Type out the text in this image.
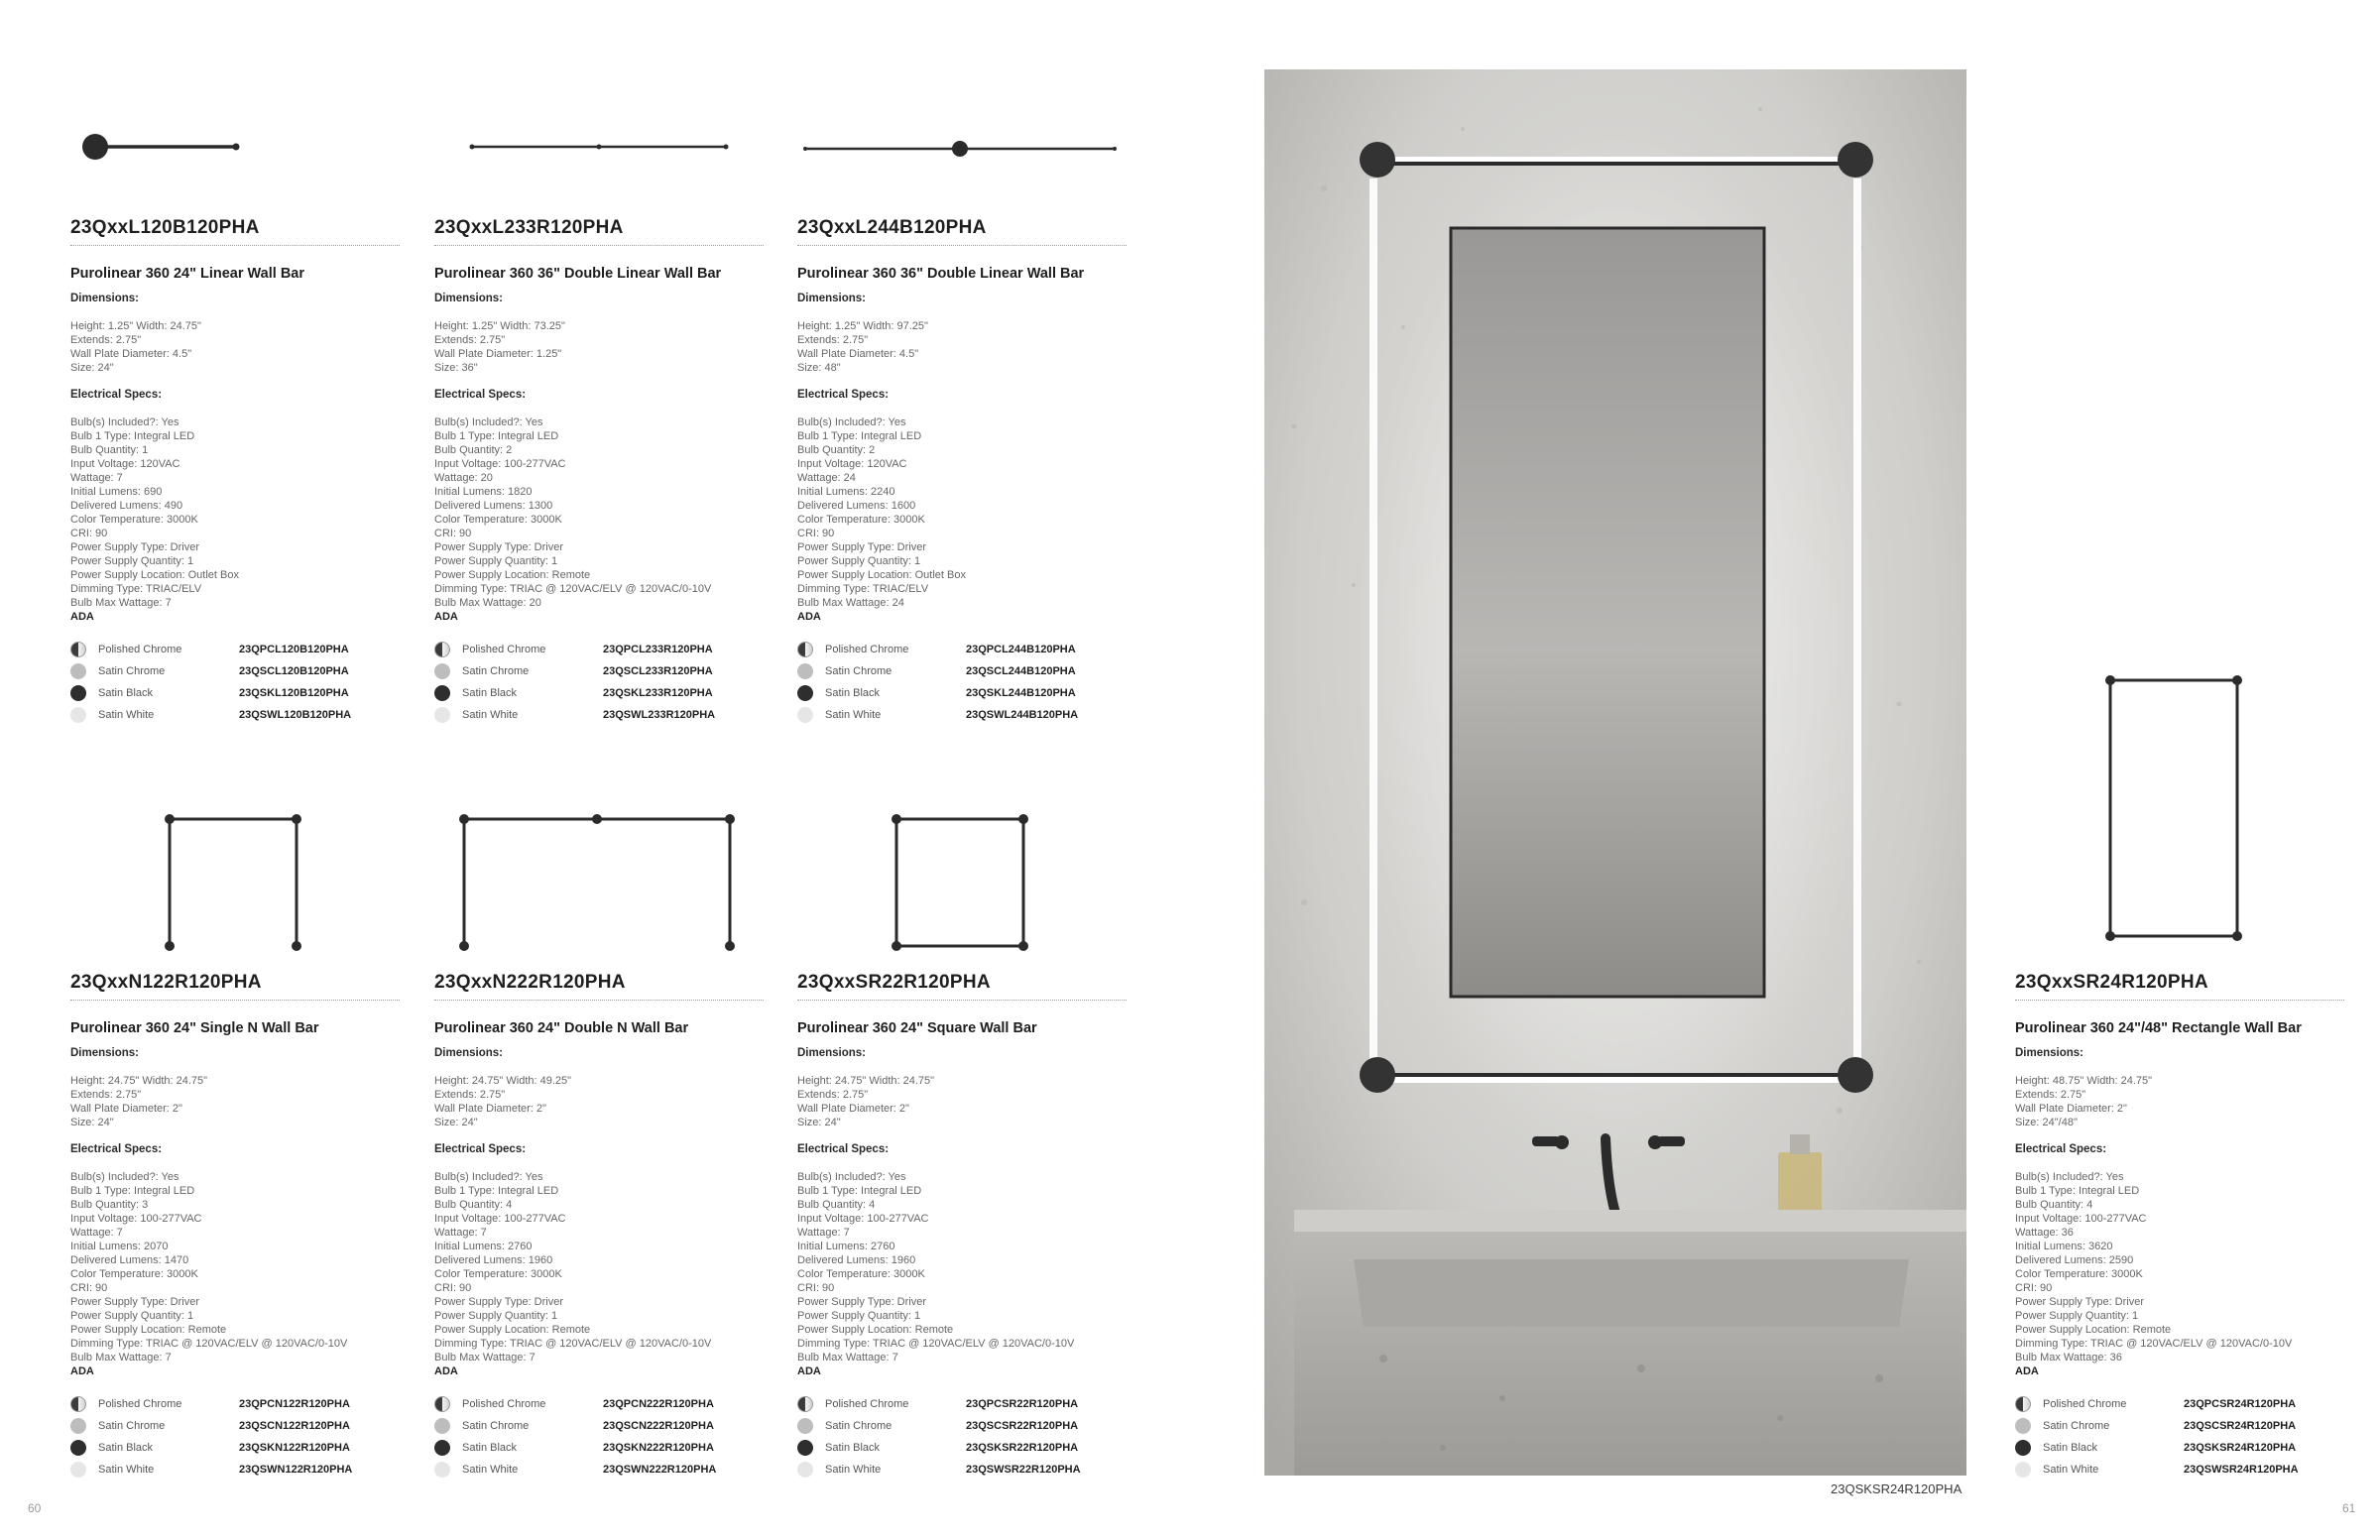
23QxxL120B120PHA
Purolinear 360 24" Linear Wall Bar
Dimensions:
Height: 1.25" Width: 24.75"
Extends: 2.75"
Wall Plate Diameter: 4.5"
Size: 24"
Electrical Specs:
Bulb(s) Included?: Yes
Bulb 1 Type: Integral LED
Bulb Quantity: 1
Input Voltage: 120VAC
Wattage: 7
Initial Lumens: 690
Delivered Lumens: 490
Color Temperature: 3000K
CRI: 90
Power Supply Type: Driver
Power Supply Quantity: 1
Power Supply Location: Outlet Box
Dimming Type: TRIAC/ELV
Bulb Max Wattage: 7
ADA
Polished Chrome	23QPCL120B120PHA
Satin Chrome	23QSCL120B120PHA
Satin Black	23QSKL120B120PHA
Satin White	23QSWL120B120PHA
23QxxL233R120PHA
Purolinear 360 36" Double Linear Wall Bar
Dimensions:
Height: 1.25" Width: 73.25"
Extends: 2.75"
Wall Plate Diameter: 1.25"
Size: 36"
Electrical Specs:
Bulb(s) Included?: Yes
Bulb 1 Type: Integral LED
Bulb Quantity: 2
Input Voltage: 100-277VAC
Wattage: 20
Initial Lumens: 1820
Delivered Lumens: 1300
Color Temperature: 3000K
CRI: 90
Power Supply Type: Driver
Power Supply Quantity: 1
Power Supply Location: Remote
Dimming Type: TRIAC @ 120VAC/ELV @ 120VAC/0-10V
Bulb Max Wattage: 20
ADA
Polished Chrome	23QPCL233R120PHA
Satin Chrome	23QSCL233R120PHA
Satin Black	23QSKL233R120PHA
Satin White	23QSWL233R120PHA
23QxxL244B120PHA
Purolinear 360 36" Double Linear Wall Bar
Dimensions:
Height: 1.25" Width: 97.25"
Extends: 2.75"
Wall Plate Diameter: 4.5"
Size: 48"
Electrical Specs:
Bulb(s) Included?: Yes
Bulb 1 Type: Integral LED
Bulb Quantity: 2
Input Voltage: 120VAC
Wattage: 24
Initial Lumens: 2240
Delivered Lumens: 1600
Color Temperature: 3000K
CRI: 90
Power Supply Type: Driver
Power Supply Quantity: 1
Power Supply Location: Outlet Box
Dimming Type: TRIAC/ELV
Bulb Max Wattage: 24
ADA
Polished Chrome	23QPCL244B120PHA
Satin Chrome	23QSCL244B120PHA
Satin Black	23QSKL244B120PHA
Satin White	23QSWL244B120PHA
23QxxN122R120PHA
Purolinear 360 24" Single N Wall Bar
Dimensions:
Height: 24.75" Width: 24.75"
Extends: 2.75"
Wall Plate Diameter: 2"
Size: 24"
Electrical Specs:
Bulb(s) Included?: Yes
Bulb 1 Type: Integral LED
Bulb Quantity: 3
Input Voltage: 100-277VAC
Wattage: 7
Initial Lumens: 2070
Delivered Lumens: 1470
Color Temperature: 3000K
CRI: 90
Power Supply Type: Driver
Power Supply Quantity: 1
Power Supply Location: Remote
Dimming Type: TRIAC @ 120VAC/ELV @ 120VAC/0-10V
Bulb Max Wattage: 7
ADA
Polished Chrome	23QPCN122R120PHA
Satin Chrome	23QSCN122R120PHA
Satin Black	23QSKN122R120PHA
Satin White	23QSWN122R120PHA
23QxxN222R120PHA
Purolinear 360 24" Double N Wall Bar
Dimensions:
Height: 24.75" Width: 49.25"
Extends: 2.75"
Wall Plate Diameter: 2"
Size: 24"
Electrical Specs:
Bulb(s) Included?: Yes
Bulb 1 Type: Integral LED
Bulb Quantity: 4
Input Voltage: 100-277VAC
Wattage: 7
Initial Lumens: 2760
Delivered Lumens: 1960
Color Temperature: 3000K
CRI: 90
Power Supply Type: Driver
Power Supply Quantity: 1
Power Supply Location: Remote
Dimming Type: TRIAC @ 120VAC/ELV @ 120VAC/0-10V
Bulb Max Wattage: 7
ADA
Polished Chrome	23QPCN222R120PHA
Satin Chrome	23QSCN222R120PHA
Satin Black	23QSKN222R120PHA
Satin White	23QSWN222R120PHA
23QxxSR22R120PHA
Purolinear 360 24" Square Wall Bar
Dimensions:
Height: 24.75" Width: 24.75"
Extends: 2.75"
Wall Plate Diameter: 2"
Size: 24"
Electrical Specs:
Bulb(s) Included?: Yes
Bulb 1 Type: Integral LED
Bulb Quantity: 4
Input Voltage: 100-277VAC
Wattage: 7
Initial Lumens: 2760
Delivered Lumens: 1960
Color Temperature: 3000K
CRI: 90
Power Supply Type: Driver
Power Supply Quantity: 1
Power Supply Location: Remote
Dimming Type: TRIAC @ 120VAC/ELV @ 120VAC/0-10V
Bulb Max Wattage: 7
ADA
Polished Chrome	23QPCSR22R120PHA
Satin Chrome	23QSCSR22R120PHA
Satin Black	23QSKSR22R120PHA
Satin White	23QSWSR22R120PHA
23QSKSR24R120PHA
23QxxSR24R120PHA
Purolinear 360 24"/48" Rectangle Wall Bar
Dimensions:
Height: 48.75" Width: 24.75"
Extends: 2.75"
Wall Plate Diameter: 2"
Size: 24"/48"
Electrical Specs:
Bulb(s) Included?: Yes
Bulb 1 Type: Integral LED
Bulb Quantity: 4
Input Voltage: 100-277VAC
Wattage: 36
Initial Lumens: 3620
Delivered Lumens: 2590
Color Temperature: 3000K
CRI: 90
Power Supply Type: Driver
Power Supply Quantity: 1
Power Supply Location: Remote
Dimming Type: TRIAC @ 120VAC/ELV @ 120VAC/0-10V
Bulb Max Wattage: 36
ADA
Polished Chrome	23QPCSR24R120PHA
Satin Chrome	23QSCSR24R120PHA
Satin Black	23QSKSR24R120PHA
Satin White	23QSWSR24R120PHA
60	61
